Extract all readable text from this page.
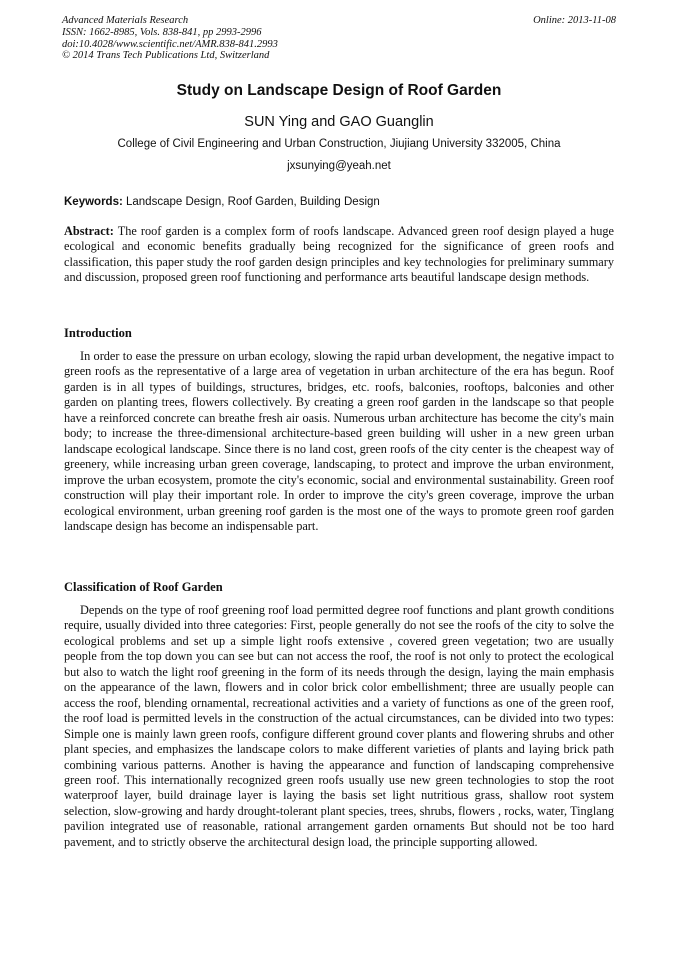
Advanced Materials Research
ISSN: 1662-8985, Vols. 838-841, pp 2993-2996
doi:10.4028/www.scientific.net/AMR.838-841.2993
© 2014 Trans Tech Publications Ltd, Switzerland
Online: 2013-11-08
Study on Landscape Design of Roof Garden
SUN Ying and GAO Guanglin
College of Civil Engineering and Urban Construction, Jiujiang University 332005, China
jxsunying@yeah.net
Keywords: Landscape Design, Roof Garden, Building Design

Abstract: The roof garden is a complex form of roofs landscape. Advanced green roof design played a huge ecological and economic benefits gradually being recognized for the significance of green roofs and classification, this paper study the roof garden design principles and key technologies for preliminary summary and discussion, proposed green roof functioning and performance arts beautiful landscape design methods.

Introduction

In order to ease the pressure on urban ecology, slowing the rapid urban development, the negative impact to green roofs as the representative of a large area of vegetation in urban architecture of the era has begun. Roof garden is in all types of buildings, structures, bridges, etc. roofs, balconies, rooftops, balconies and other garden on planting trees, flowers collectively. By creating a green roof garden in the landscape so that people have a reinforced concrete can breathe fresh air oasis. Numerous urban architecture has become the city's main body; to increase the three-dimensional architecture-based green building will usher in a new green urban landscape ecological landscape. Since there is no land cost, green roofs of the city center is the cheapest way of greenery, while increasing urban green coverage, landscaping, to protect and improve the urban environment, improve the urban ecosystem, promote the city's economic, social and environmental sustainability. Green roof construction will play their important role. In order to improve the city's green coverage, improve the urban ecological environment, urban greening roof garden is the most one of the ways to promote green roof garden landscape design has become an indispensable part.

Classification of Roof Garden

Depends on the type of roof greening roof load permitted degree roof functions and plant growth conditions require, usually divided into three categories: First, people generally do not see the roofs of the city to solve the ecological problems and set up a simple light roofs extensive , covered green vegetation; two are usually people from the top down you can see but can not access the roof, the roof is not only to protect the ecological but also to watch the light roof greening in the form of its needs through the design, laying the main emphasis on the appearance of the lawn, flowers and in color brick color embellishment; three are usually people can access the roof, blending ornamental, recreational activities and a variety of functions as one of the green roof, the roof load is permitted levels in the construction of the actual circumstances, can be divided into two types: Simple one is mainly lawn green roofs, configure different ground cover plants and flowering shrubs and other plant species, and emphasizes the landscape colors to make different varieties of plants and laying brick path combining various patterns. Another is having the appearance and function of landscaping comprehensive green roof. This internationally recognized green roofs usually use new green technologies to stop the root waterproof layer, build drainage layer is laying the basis set light nutritious grass, shallow root system selection, slow-growing and hardy drought-tolerant plant species, trees, shrubs, flowers , rocks, water, Tinglang pavilion integrated use of reasonable, rational arrangement garden ornaments But should not be too hard pavement, and to strictly observe the architectural design load, the principle supporting allowed.
